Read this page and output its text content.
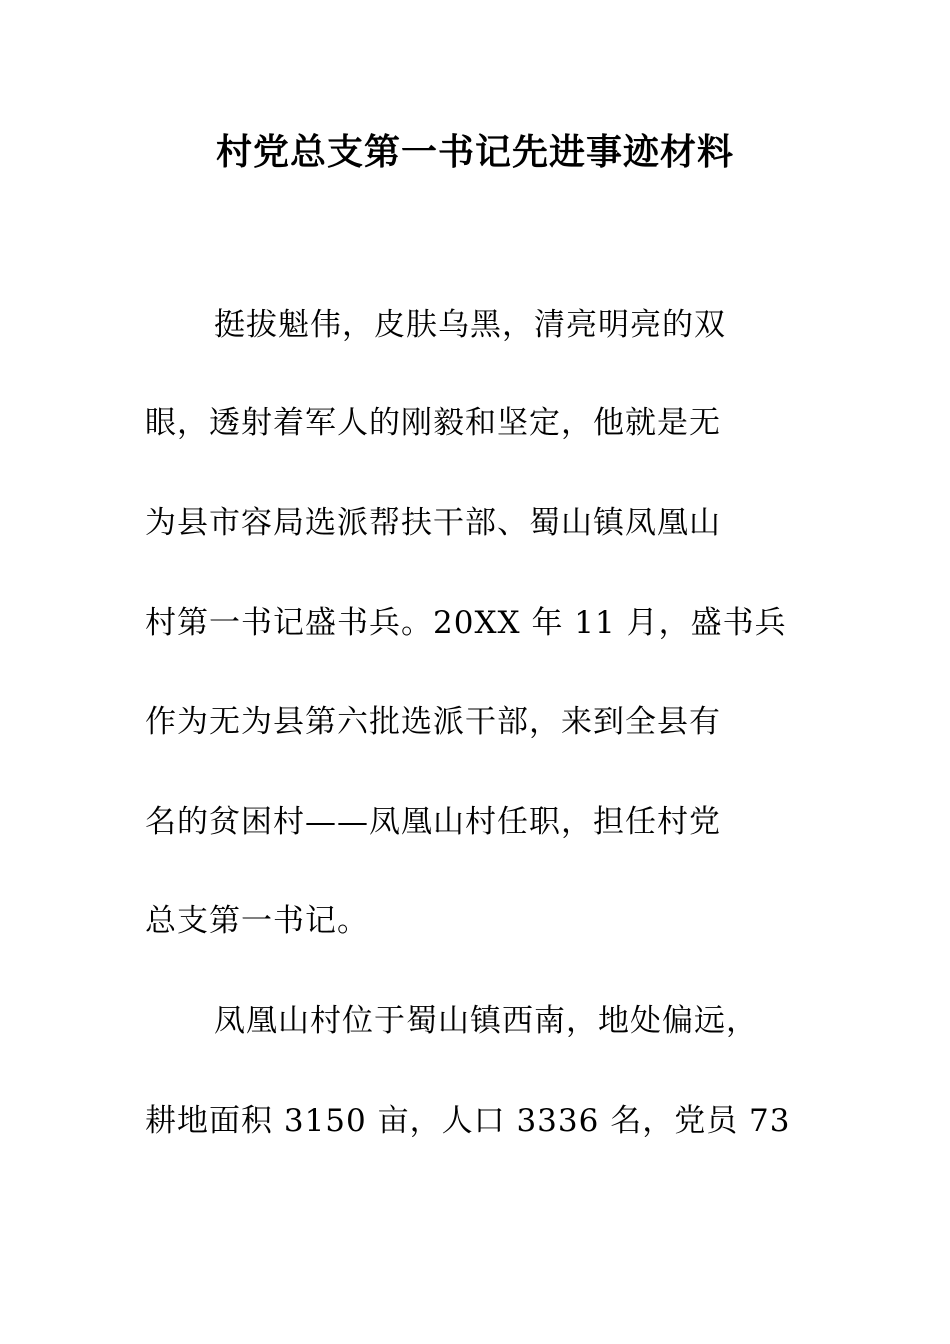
村党总支第一书记先进事迹材料
挺拔魁伟，皮肤乌黑，清亮明亮的双
眼，透射着军人的刚毅和坚定，他就是无
为县市容局选派帮扶干部、蜀山镇凤凰山
村第一书记盛书兵。20XX 年 11 月，盛书兵
作为无为县第六批选派干部，来到全县有
名的贫困村——凤凰山村任职，担任村党
总支第一书记。
凤凰山村位于蜀山镇西南，地处偏远，
耕地面积 3150 亩，人口 3336 名，党员 73
